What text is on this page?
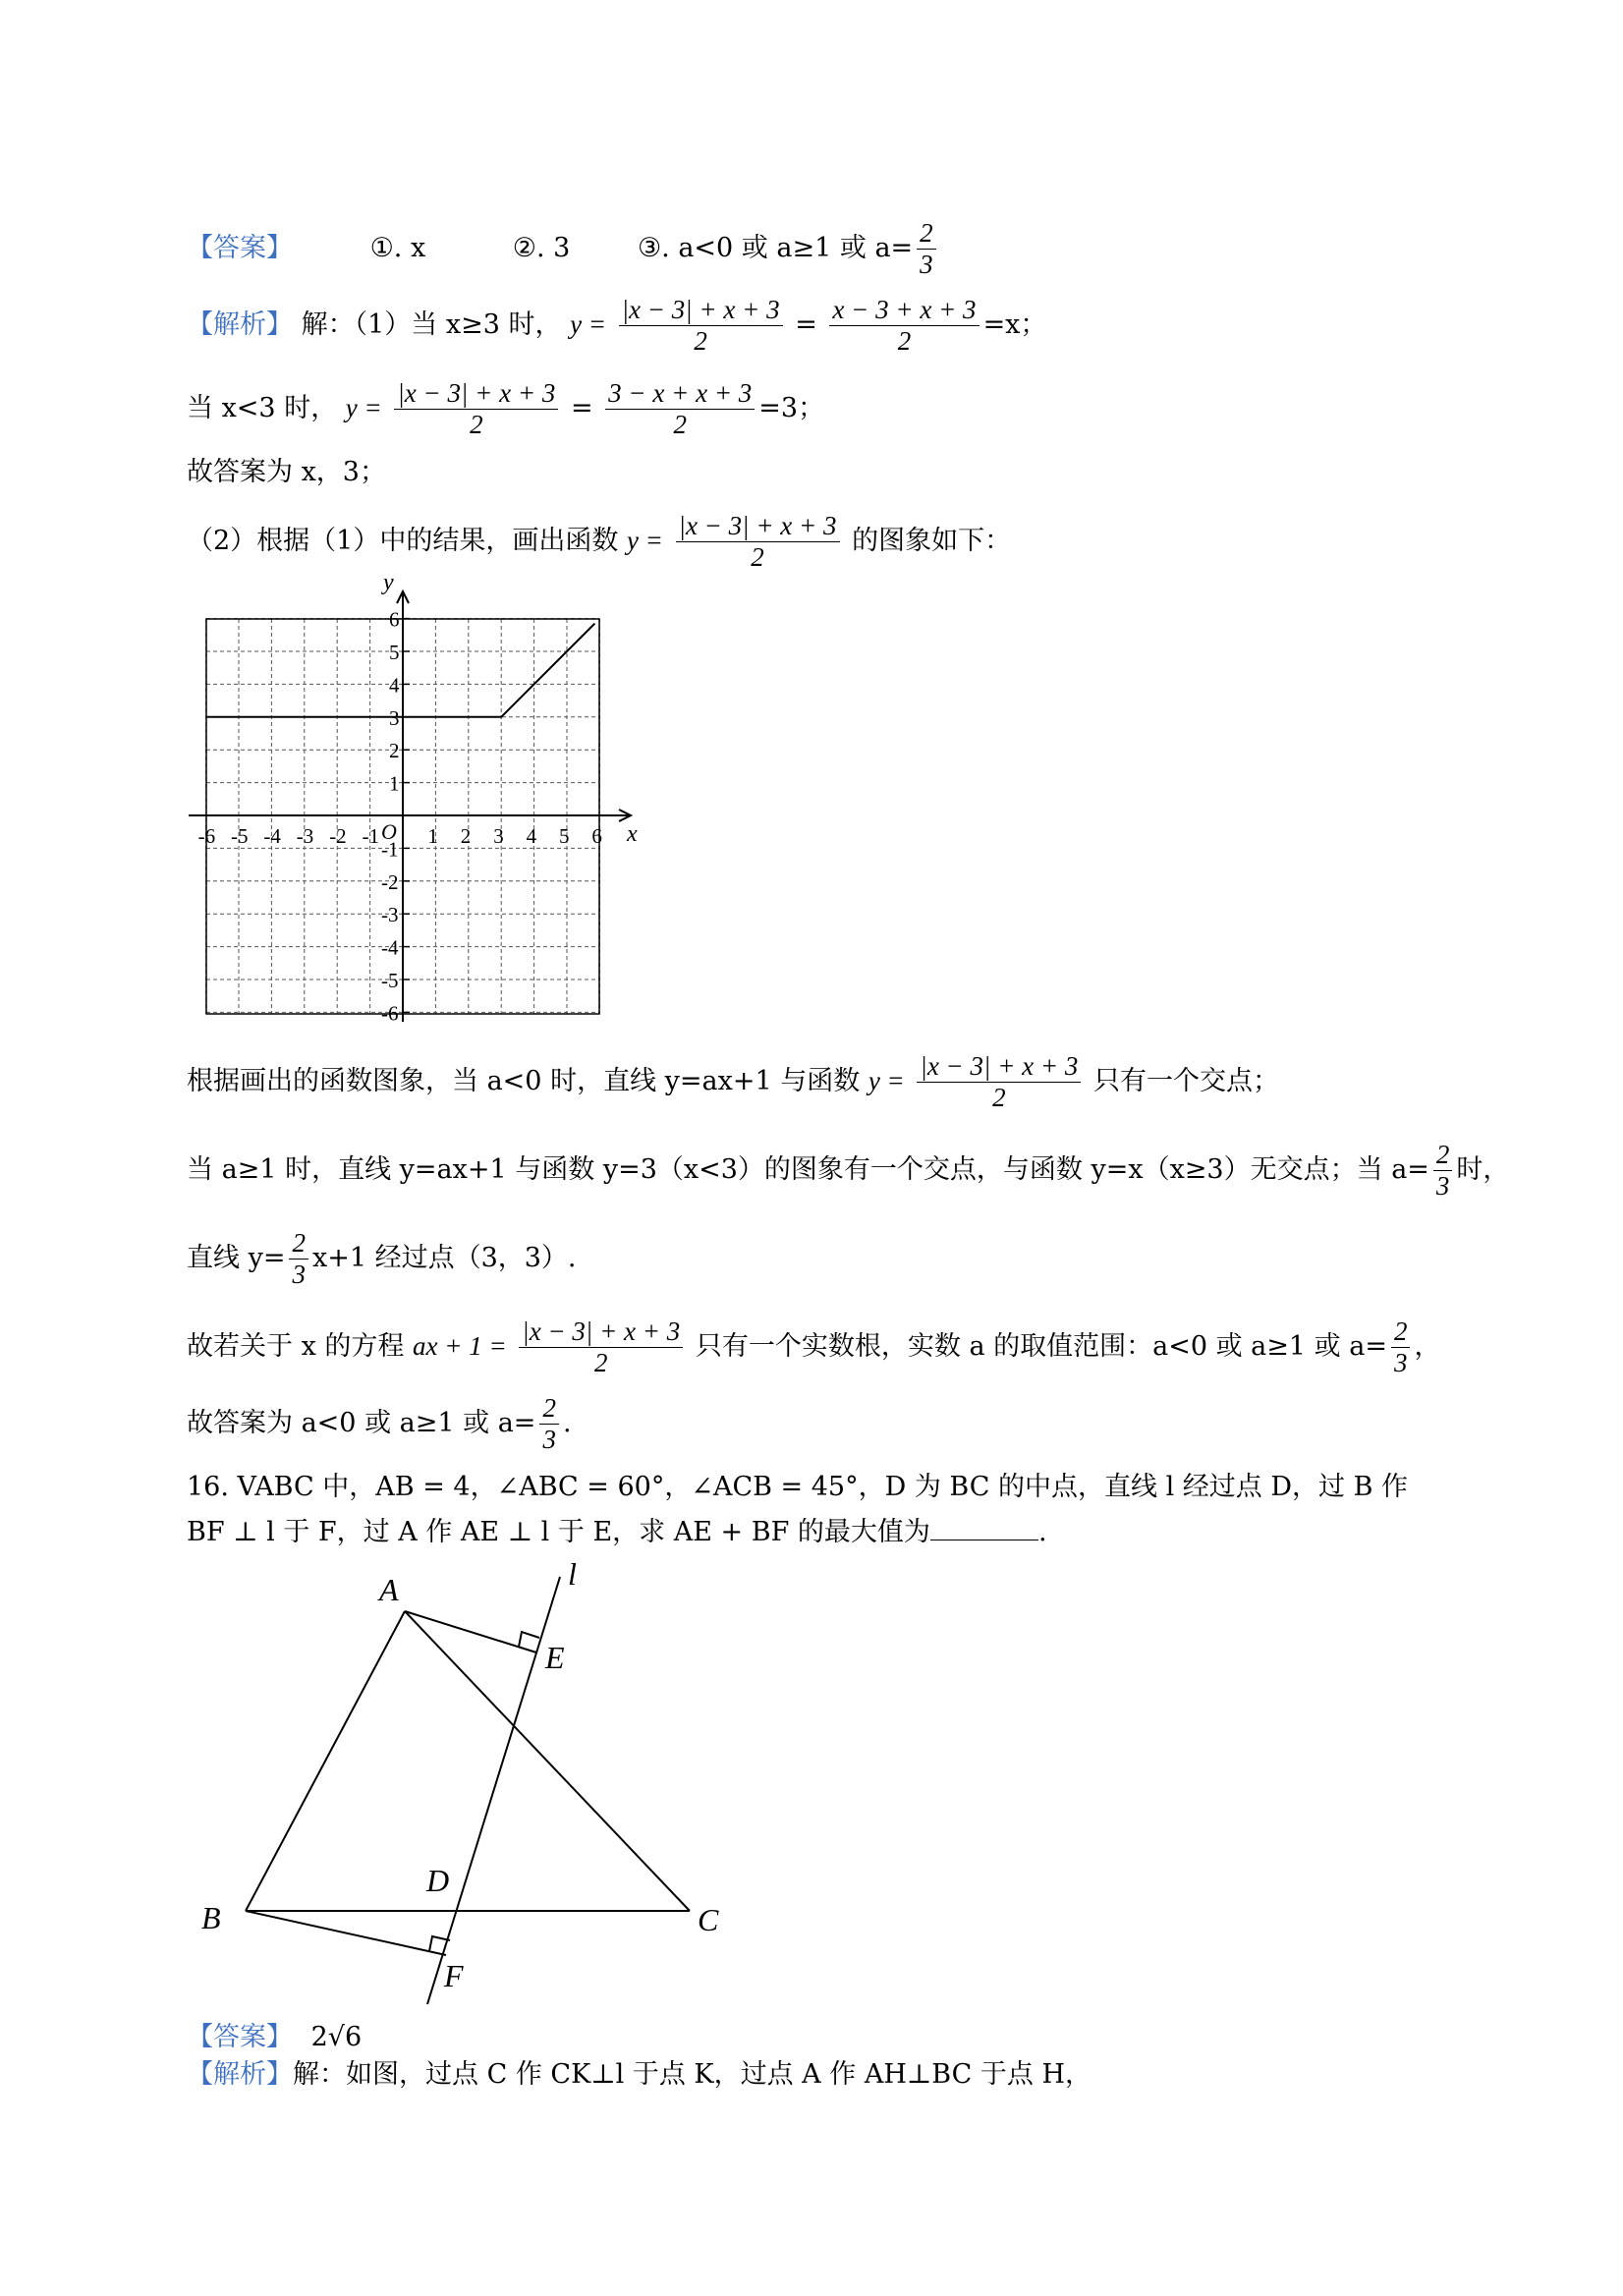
【答案】	①. x	②. 3	③. a<0 或 a≥1 或 $a= \frac{2}{3}$
【解析】 解：（1）当 x≥3 时， $y = \frac{|x - 3| + x + 3}{2} = \frac{x - 3 + x + 3}{2} =x$；
当 x<3 时， $y = \frac{|x - 3| + x + 3}{2} = \frac{3 - x + x + 3}{2} =3$；
故答案为 x，3；
（2）根据（1）中的结果，画出函数 $y = \frac{|x - 3| + x + 3}{2}$ 的图象如下：
-6 -5 -4 -3 -2 -1 1 2 3 4 5 6
6
5
4
3
2
1
-1
-2
-3
-4
-5
-6
x
y
O
根据画出的函数图象，当 a<0 时，直线 y=ax+1 与函数 $y = \frac{|x - 3| + x + 3}{2}$ 只有一个交点；
当 a≥1 时，直线 y=ax+1 与函数 y=3（x<3）的图象有一个交点，与函数 y=x（x≥3）无交点；当 $a= \frac{2}{3}$ 时，
直线 $y= \frac{2}{3} x+1$ 经过点（3，3）.
故若关于 x 的方程 ax + $1 = \frac{|x - 3| + x + 3}{2}$ 只有一个实数根，实数 a 的取值范围：a<0 或 a≥1 或 $a= \frac{2}{3}$ ，
故答案为 a<0 或 a≥1 或 $a= \frac{2}{3}$ .
16. VABC 中，AB = 4，∠ABC = 60°，∠ACB = 45°，D 为 BC 的中点，直线 l 经过点 D，过 B 作
BF ⊥ l 于 F，过 A 作 AE ⊥ l 于 E，求 AE + BF 的最大值为	.
A
B	C
D
E
F
l
【答案】 2√6
【解析】解：如图，过点 C 作 CK⊥l 于点 K，过点 A 作 AH⊥BC 于点 H，
